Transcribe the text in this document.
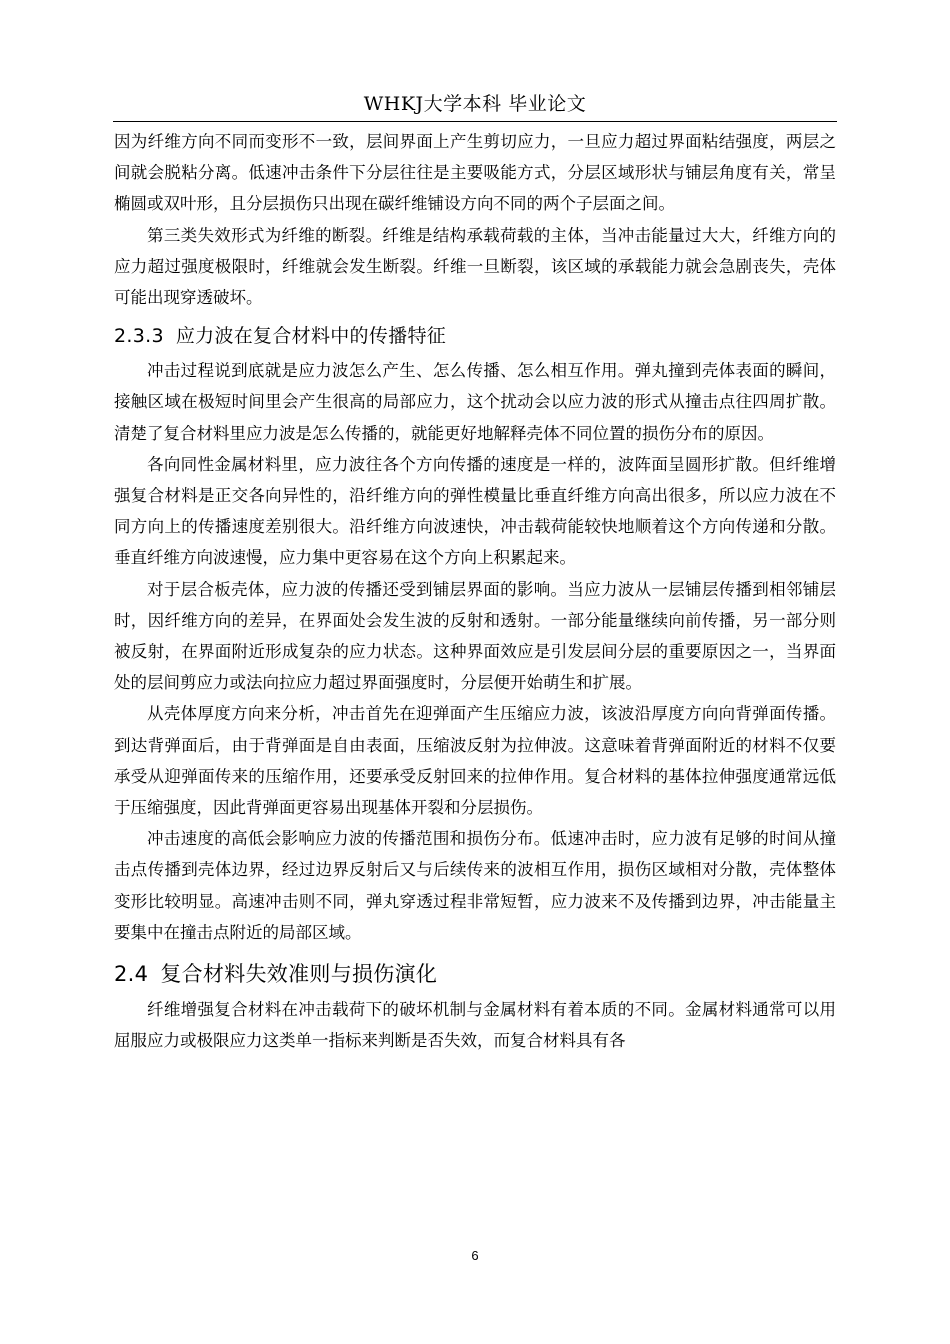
WHKJ大学本科 毕业论文

因为纤维方向不同而变形不一致，层间界面上产生剪切应力，一旦应力超过界面粘结强度，两层之间就会脱粘分离。低速冲击条件下分层往往是主要吸能方式，分层区域形状与铺层角度有关，常呈椭圆或双叶形，且分层损伤只出现在碳纤维铺设方向不同的两个子层面之间。

第三类失效形式为纤维的断裂。纤维是结构承载荷载的主体，当冲击能量过大大，纤维方向的应力超过强度极限时，纤维就会发生断裂。纤维一旦断裂，该区域的承载能力就会急剧丧失，壳体可能出现穿透破坏。

2.3.3 应力波在复合材料中的传播特征

冲击过程说到底就是应力波怎么产生、怎么传播、怎么相互作用。弹丸撞到壳体表面的瞬间，接触区域在极短时间里会产生很高的局部应力，这个扰动会以应力波的形式从撞击点往四周扩散。清楚了复合材料里应力波是怎么传播的，就能更好地解释壳体不同位置的损伤分布的原因。

各向同性金属材料里，应力波往各个方向传播的速度是一样的，波阵面呈圆形扩散。但纤维增强复合材料是正交各向异性的，沿纤维方向的弹性模量比垂直纤维方向高出很多，所以应力波在不同方向上的传播速度差别很大。沿纤维方向波速快，冲击载荷能较快地顺着这个方向传递和分散。垂直纤维方向波速慢，应力集中更容易在这个方向上积累起来。

对于层合板壳体，应力波的传播还受到铺层界面的影响。当应力波从一层铺层传播到相邻铺层时，因纤维方向的差异，在界面处会发生波的反射和透射。一部分能量继续向前传播，另一部分则被反射，在界面附近形成复杂的应力状态。这种界面效应是引发层间分层的重要原因之一，当界面处的层间剪应力或法向拉应力超过界面强度时，分层便开始萌生和扩展。

从壳体厚度方向来分析，冲击首先在迎弹面产生压缩应力波，该波沿厚度方向向背弹面传播。到达背弹面后，由于背弹面是自由表面，压缩波反射为拉伸波。这意味着背弹面附近的材料不仅要承受从迎弹面传来的压缩作用，还要承受反射回来的拉伸作用。复合材料的基体拉伸强度通常远低于压缩强度，因此背弹面更容易出现基体开裂和分层损伤。

冲击速度的高低会影响应力波的传播范围和损伤分布。低速冲击时，应力波有足够的时间从撞击点传播到壳体边界，经过边界反射后又与后续传来的波相互作用，损伤区域相对分散，壳体整体变形比较明显。高速冲击则不同，弹丸穿透过程非常短暂，应力波来不及传播到边界，冲击能量主要集中在撞击点附近的局部区域。

2.4 复合材料失效准则与损伤演化

纤维增强复合材料在冲击载荷下的破坏机制与金属材料有着本质的不同。金属材料通常可以用屈服应力或极限应力这类单一指标来判断是否失效，而复合材料具有各

6
